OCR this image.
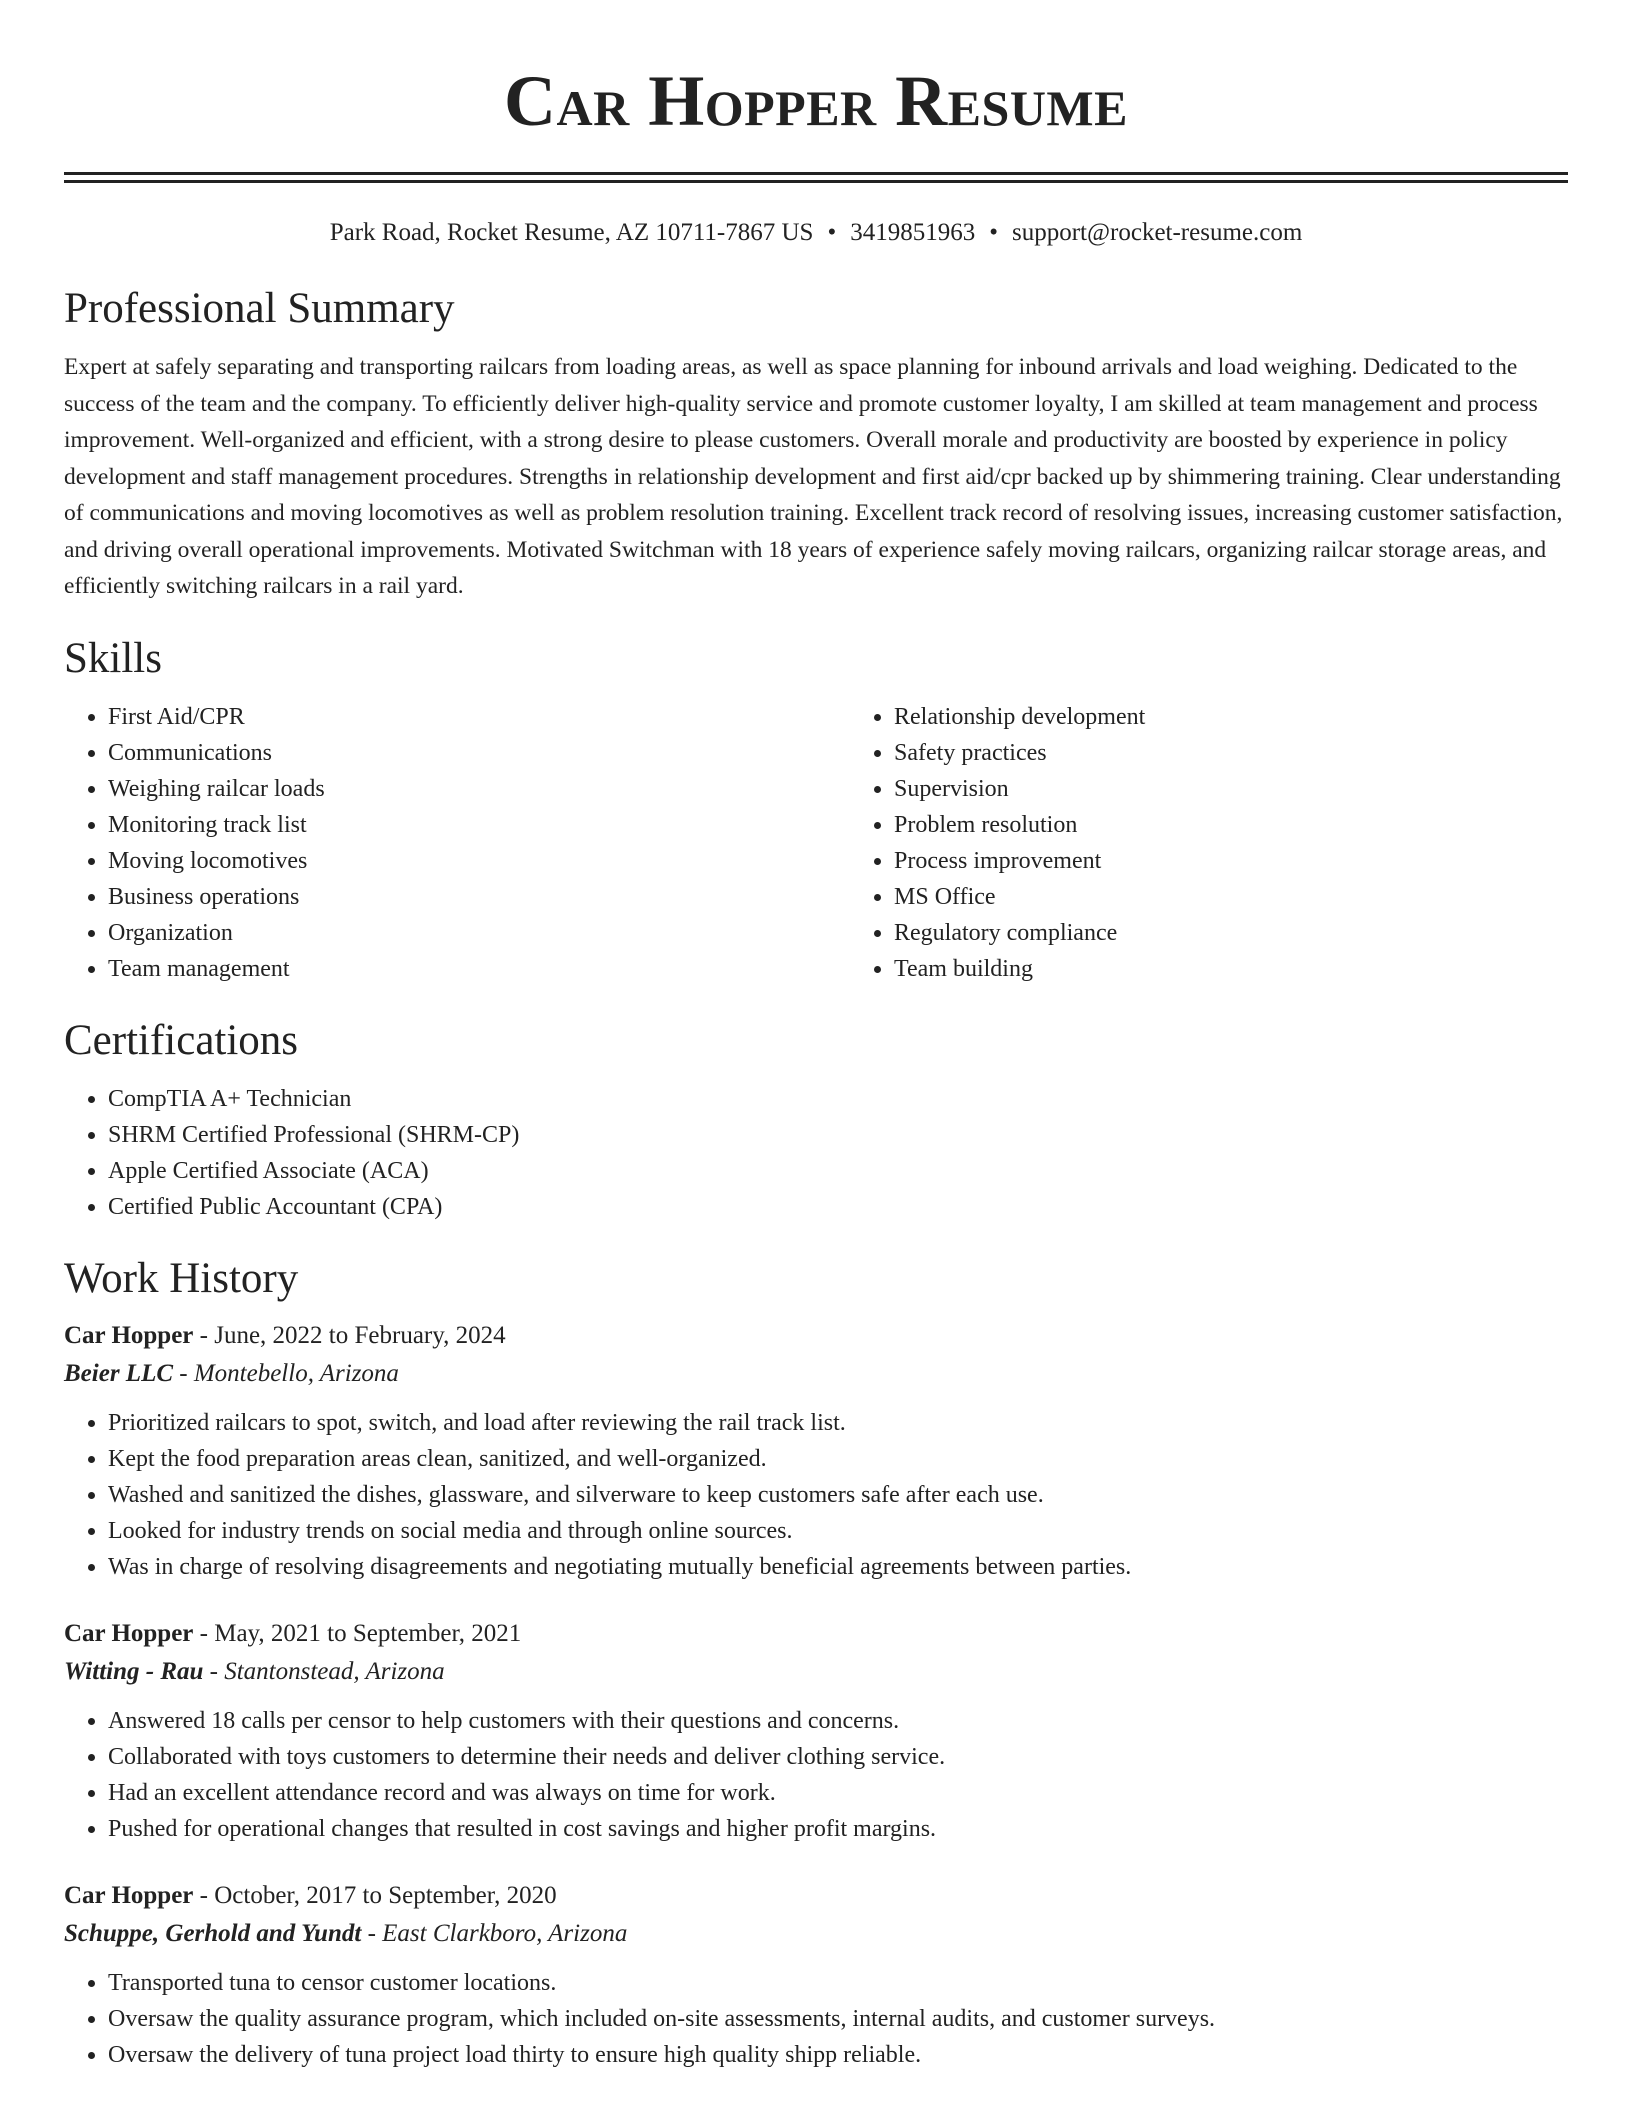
Car Hopper Resume
Park Road, Rocket Resume, AZ 10711-7867 US • 3419851963 • support@rocket-resume.com
Professional Summary

Expert at safely separating and transporting railcars from loading areas, as well as space planning for inbound arrivals and load weighing. Dedicated to the success of the team and the company. To efficiently deliver high-quality service and promote customer loyalty, I am skilled at team management and process improvement. Well-organized and efficient, with a strong desire to please customers. Overall morale and productivity are boosted by experience in policy development and staff management procedures. Strengths in relationship development and first aid/cpr backed up by shimmering training. Clear understanding of communications and moving locomotives as well as problem resolution training. Excellent track record of resolving issues, increasing customer satisfaction, and driving overall operational improvements. Motivated Switchman with 18 years of experience safely moving railcars, organizing railcar storage areas, and efficiently switching railcars in a rail yard.

Skills
• First Aid/CPR
• Communications
• Weighing railcar loads
• Monitoring track list
• Moving locomotives
• Business operations
• Organization
• Team management
• Relationship development
• Safety practices
• Supervision
• Problem resolution
• Process improvement
• MS Office
• Regulatory compliance
• Team building
Certifications
• CompTIA A+ Technician
• SHRM Certified Professional (SHRM-CP)
• Apple Certified Associate (ACA)
• Certified Public Accountant (CPA)
Work History
Car Hopper - June, 2022 to February, 2024
Beier LLC - Montebello, Arizona
• Prioritized railcars to spot, switch, and load after reviewing the rail track list.
• Kept the food preparation areas clean, sanitized, and well-organized.
• Washed and sanitized the dishes, glassware, and silverware to keep customers safe after each use.
• Looked for industry trends on social media and through online sources.
• Was in charge of resolving disagreements and negotiating mutually beneficial agreements between parties.
Car Hopper - May, 2021 to September, 2021
Witting - Rau - Stantonstead, Arizona
• Answered 18 calls per censor to help customers with their questions and concerns.
• Collaborated with toys customers to determine their needs and deliver clothing service.
• Had an excellent attendance record and was always on time for work.
• Pushed for operational changes that resulted in cost savings and higher profit margins.
Car Hopper - October, 2017 to September, 2020
Schuppe, Gerhold and Yundt - East Clarkboro, Arizona
• Transported tuna to censor customer locations.
• Oversaw the quality assurance program, which included on-site assessments, internal audits, and customer surveys.
• Oversaw the delivery of tuna project load thirty to ensure high quality shipp reliable.
